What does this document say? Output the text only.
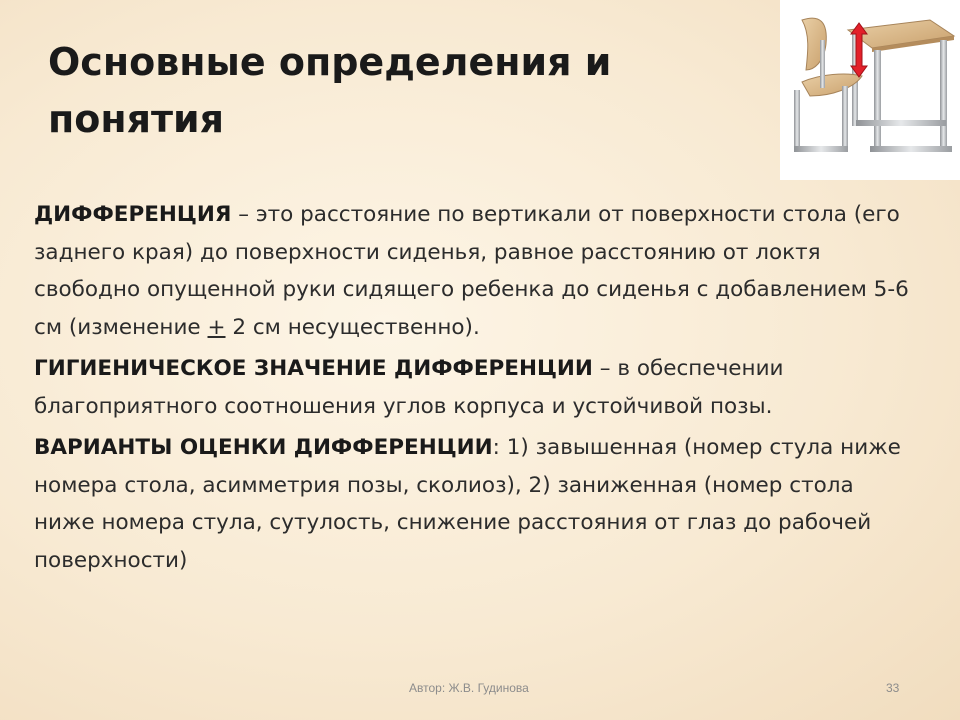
Основные определения и понятия

ДИФФЕРЕНЦИЯ – это расстояние по вертикали от поверхности стола (его заднего края) до поверхности сиденья, равное расстоянию от локтя свободно опущенной руки сидящего ребенка до сиденья с добавлением 5-6 см (изменение + 2 см несущественно).

ГИГИЕНИЧЕСКОЕ ЗНАЧЕНИЕ ДИФФЕРЕНЦИИ – в обеспечении благоприятного соотношения углов корпуса и устойчивой позы.

ВАРИАНТЫ ОЦЕНКИ ДИФФЕРЕНЦИИ: 1) завышенная (номер стула ниже номера стола, асимметрия позы, сколиоз), 2) заниженная (номер стола ниже номера стула, сутулость, снижение расстояния от глаз до рабочей поверхности)

Автор: Ж.В. Гудинова	33
